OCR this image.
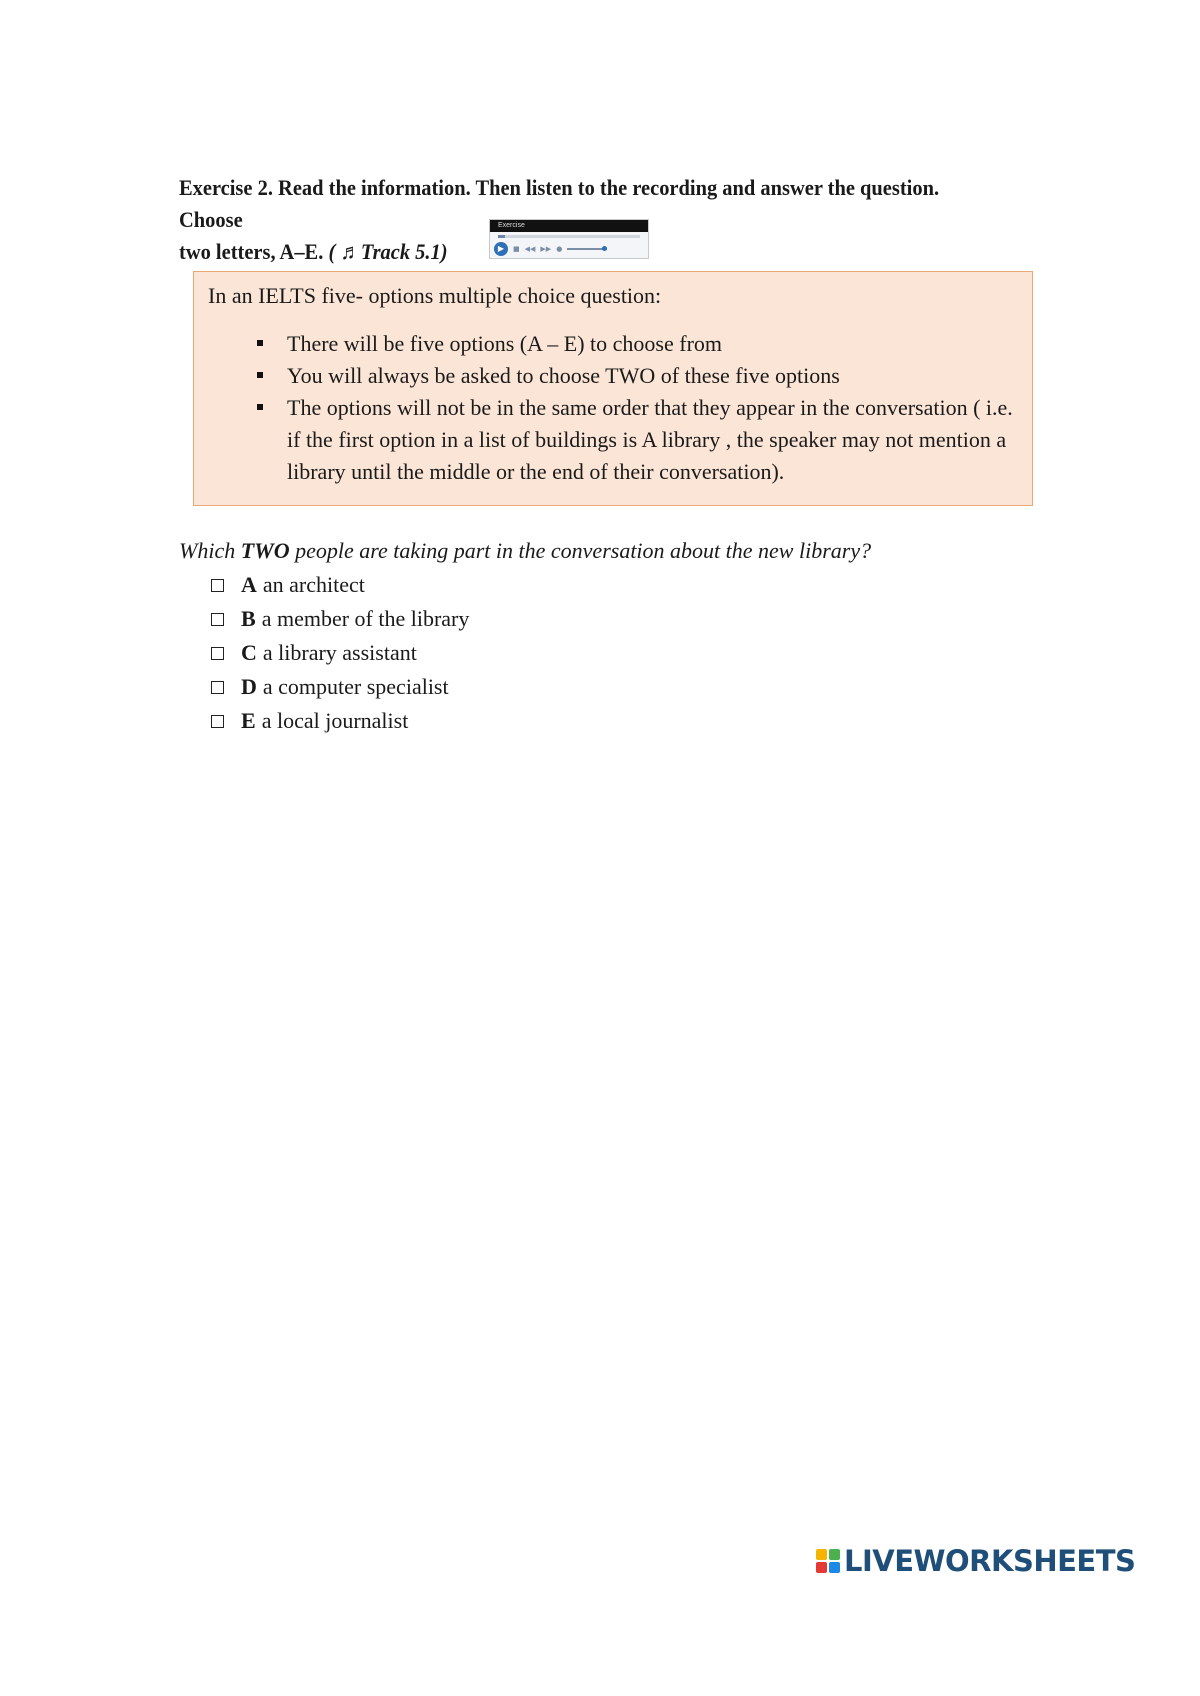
Exercise 2. Read the information. Then listen to the recording and answer the question. Choose
two letters, A–E. ( ♬Track 5.1)
Exercise
▶	■ ◀◀ ▶▶ ●
In an IELTS five- options multiple choice question:
There will be five options (A – E) to choose from
You will always be asked to choose TWO of these five options
The options will not be in the same order that they appear in the conversation ( i.e. if the first option in a list of buildings is A library , the speaker may not mention a library until the middle or the end of their conversation).
Which TWO people are taking part in the conversation about the new library?
A an architect
B a member of the library
C a library assistant
D a computer specialist
E a local journalist
LIVEWORKSHEETS
